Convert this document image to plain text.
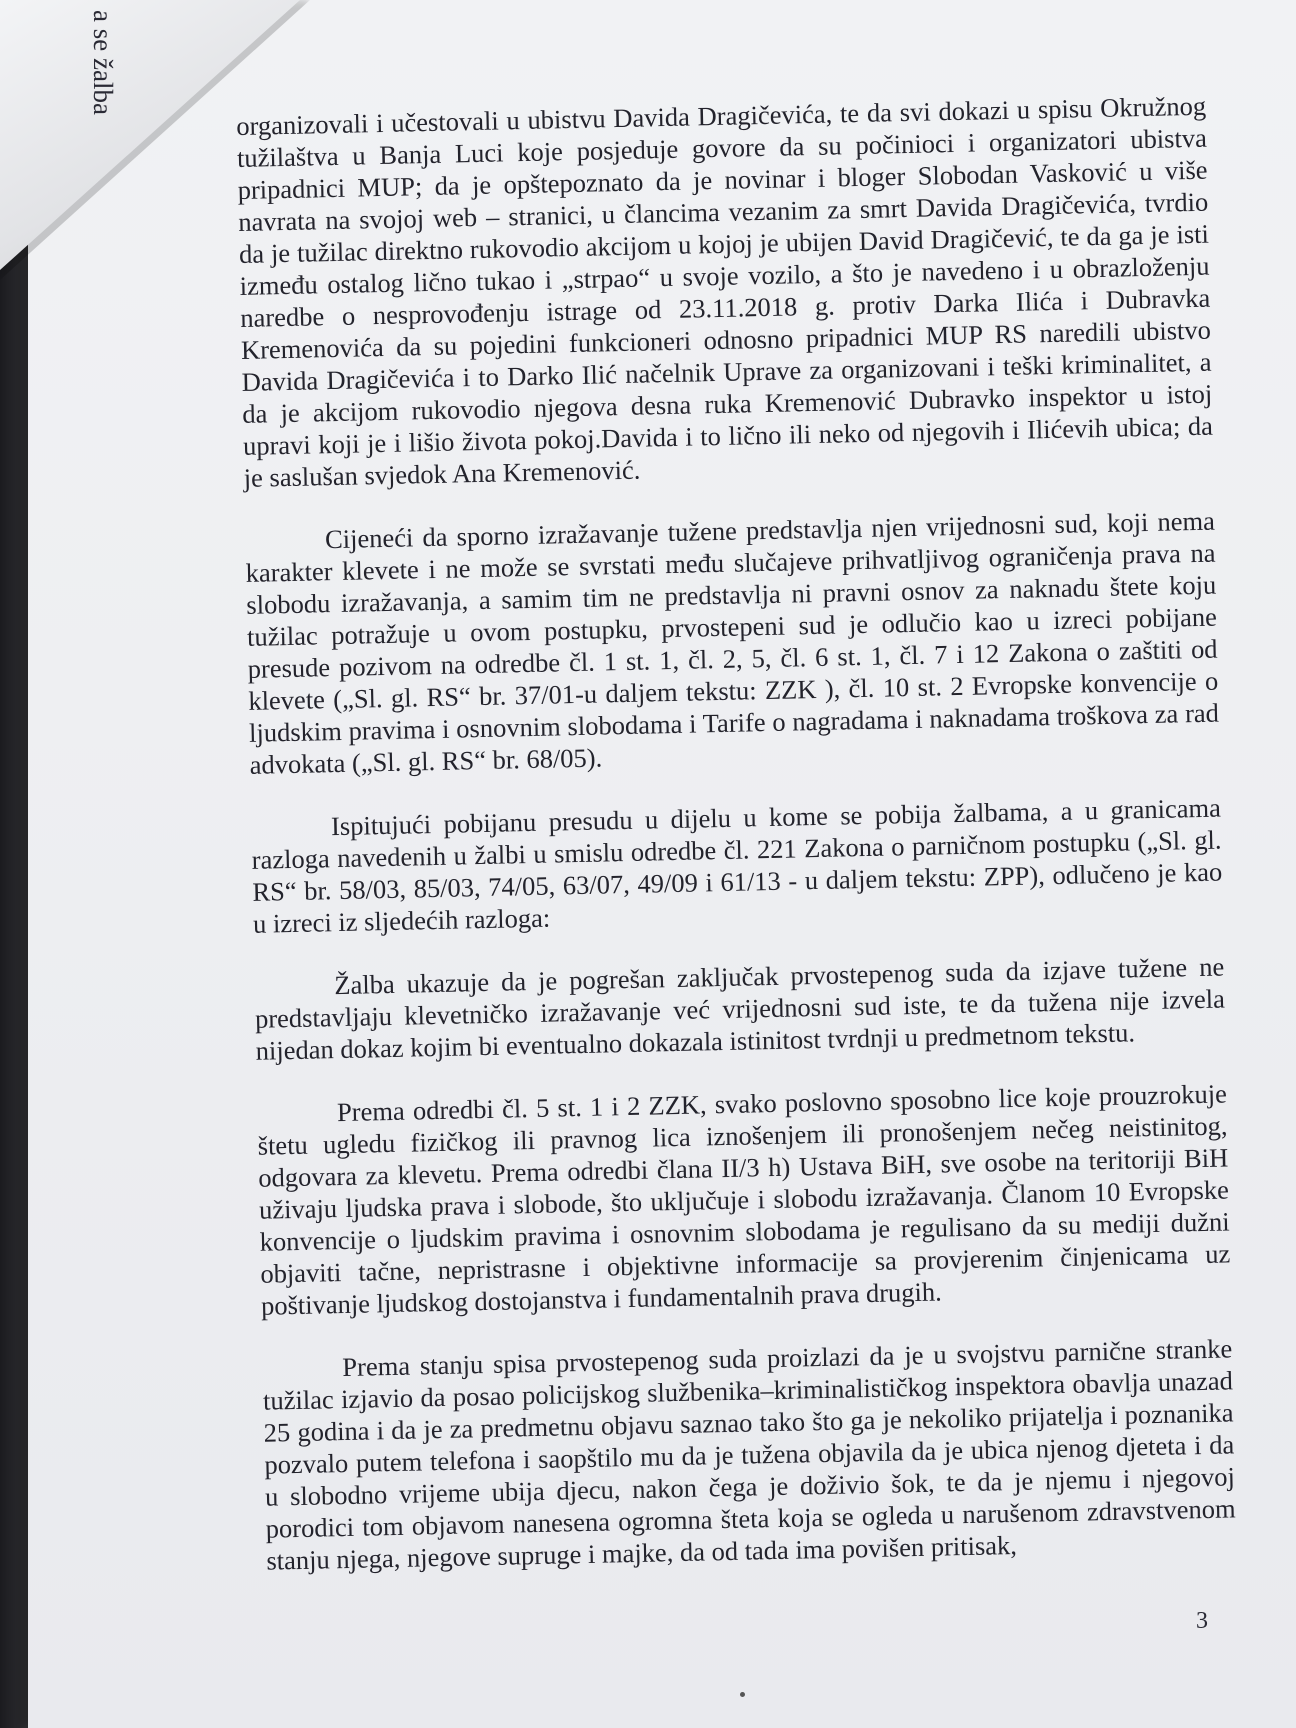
organizovali i učestovali u ubistvu Davida Dragičevića, te da svi dokazi u spisu Okružnog tužilaštva u Banja Luci koje posjeduje govore da su počinioci i organizatori ubistva pripadnici MUP; da je opštepoznato da je novinar i bloger Slobodan Vasković u više navrata na svojoj web – stranici, u člancima vezanim za smrt Davida Dragičevića, tvrdio da je tužilac direktno rukovodio akcijom u kojoj je ubijen David Dragičević, te da ga je isti između ostalog lično tukao i „strpao“ u svoje vozilo, a što je navedeno i u obrazloženju naredbe o nesprovođenju istrage od 23.11.2018 g. protiv Darka Ilića i Dubravka Kremenovića da su pojedini funkcioneri odnosno pripadnici MUP RS naredili ubistvo Davida Dragičevića i to Darko Ilić načelnik Uprave za organizovani i teški kriminalitet, a da je akcijom rukovodio njegova desna ruka Kremenović Dubravko inspektor u istoj upravi koji je i lišio života pokoj.Davida i to lično ili neko od njegovih i Ilićevih ubica; da je saslušan svjedok Ana Kremenović.

Cijeneći da sporno izražavanje tužene predstavlja njen vrijednosni sud, koji nema karakter klevete i ne može se svrstati među slučajeve prihvatljivog ograničenja prava na slobodu izražavanja, a samim tim ne predstavlja ni pravni osnov za naknadu štete koju tužilac potražuje u ovom postupku, prvostepeni sud je odlučio kao u izreci pobijane presude pozivom na odredbe čl. 1 st. 1, čl. 2, 5, čl. 6 st. 1, čl. 7 i 12 Zakona o zaštiti od klevete („Sl. gl. RS“ br. 37/01-u daljem tekstu: ZZK ), čl. 10 st. 2 Evropske konvencije o ljudskim pravima i osnovnim slobodama i Tarife o nagradama i naknadama troškova za rad advokata („Sl. gl. RS“ br. 68/05).

Ispitujući pobijanu presudu u dijelu u kome se pobija žalbama, a u granicama razloga navedenih u žalbi u smislu odredbe čl. 221 Zakona o parničnom postupku („Sl. gl. RS“ br. 58/03, 85/03, 74/05, 63/07, 49/09 i 61/13 - u daljem tekstu: ZPP), odlučeno je kao u izreci iz sljedećih razloga:

Žalba ukazuje da je pogrešan zaključak prvostepenog suda da izjave tužene ne predstavljaju klevetničko izražavanje već vrijednosni sud iste, te da tužena nije izvela nijedan dokaz kojim bi eventualno dokazala istinitost tvrdnji u predmetnom tekstu.

Prema odredbi čl. 5 st. 1 i 2 ZZK, svako poslovno sposobno lice koje prouzrokuje štetu ugledu fizičkog ili pravnog lica iznošenjem ili pronošenjem nečeg neistinitog, odgovara za klevetu. Prema odredbi člana II/3 h) Ustava BiH, sve osobe na teritoriji BiH uživaju ljudska prava i slobode, što uključuje i slobodu izražavanja. Članom 10 Evropske konvencije o ljudskim pravima i osnovnim slobodama je regulisano da su mediji dužni objaviti tačne, nepristrasne i objektivne informacije sa provjerenim činjenicama uz poštivanje ljudskog dostojanstva i fundamentalnih prava drugih.

Prema stanju spisa prvostepenog suda proizlazi da je u svojstvu parnične stranke tužilac izjavio da posao policijskog službenika–kriminalističkog inspektora obavlja unazad 25 godina i da je za predmetnu objavu saznao tako što ga je nekoliko prijatelja i poznanika pozvalo putem telefona i saopštilo mu da je tužena objavila da je ubica njenog djeteta i da u slobodno vrijeme ubija djecu, nakon čega je doživio šok, te da je njemu i njegovoj porodici tom objavom nanesena ogromna šteta koja se ogleda u narušenom zdravstvenom stanju njega, njegove supruge i majke, da od tada ima povišen pritisak,

3
a se žalba
